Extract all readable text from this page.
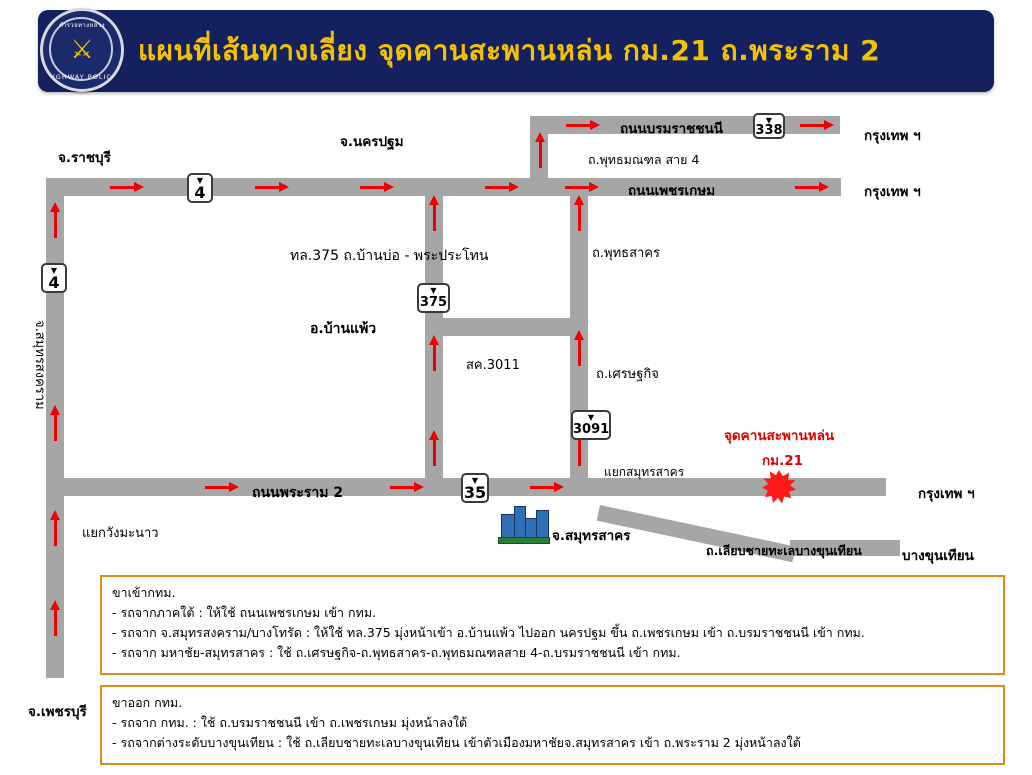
แผนที่เส้นทางเลี่ยง จุดคานสะพานหล่น กม.21 ถ.พระราม 2
ตำรวจทางหลวง
⚔
HIGHWAY POLICE
▼
338
▼
4
▼
4	▼
375
▼
3091
▼
35
จ.ราชบุรี
จ.นครปฐม
ถนนบรมราชชนนี
ถ.พุทธมณฑล สาย 4
กรุงเทพ ฯ
ถนนเพชรเกษม	กรุงเทพ ฯ
ทล.375 ถ.บ้านบ่อ - พระประโทน
อ.บ้านแพ้ว
สค.3011
ถ.พุทธสาคร
ถ.เศรษฐกิจ
แยกสมุทรสาคร
จุดคานสะพานหล่น
กม.21
ถนนพระราม 2	กรุงเทพ ฯ
แยกวังมะนาว	จ.สมุทรสาคร
ถ.เลียบชายทะเลบางขุนเทียน	บางขุนเทียน
จ.เพชรบุรี
จ.สมุทรสงคราม
ขาเข้ากทม.
- รถจากภาคใต้ : ให้ใช้ ถนนเพชรเกษม เข้า กทม.
- รถจาก จ.สมุทรสงคราม/บางโทรัด : ให้ใช้ ทล.375 มุ่งหน้าเข้า อ.บ้านแพ้ว ไปออก นครปฐม ขึ้น ถ.เพชรเกษม เข้า ถ.บรมราชชนนี เข้า กทม.
- รถจาก มหาชัย-สมุทรสาคร : ใช้ ถ.เศรษฐกิจ-ถ.พุทธสาคร-ถ.พุทธมณฑลสาย 4-ถ.บรมราชชนนี เข้า กทม.
ขาออก กทม.
- รถจาก กทม. : ใช้ ถ.บรมราชชนนี เข้า ถ.เพชรเกษม มุ่งหน้าลงใต้
- รถจากต่างระดับบางขุนเทียน : ใช้ ถ.เลียบชายทะเลบางขุนเทียน เข้าตัวเมืองมหาชัยจ.สมุทรสาคร เข้า ถ.พระราม 2 มุ่งหน้าลงใต้
